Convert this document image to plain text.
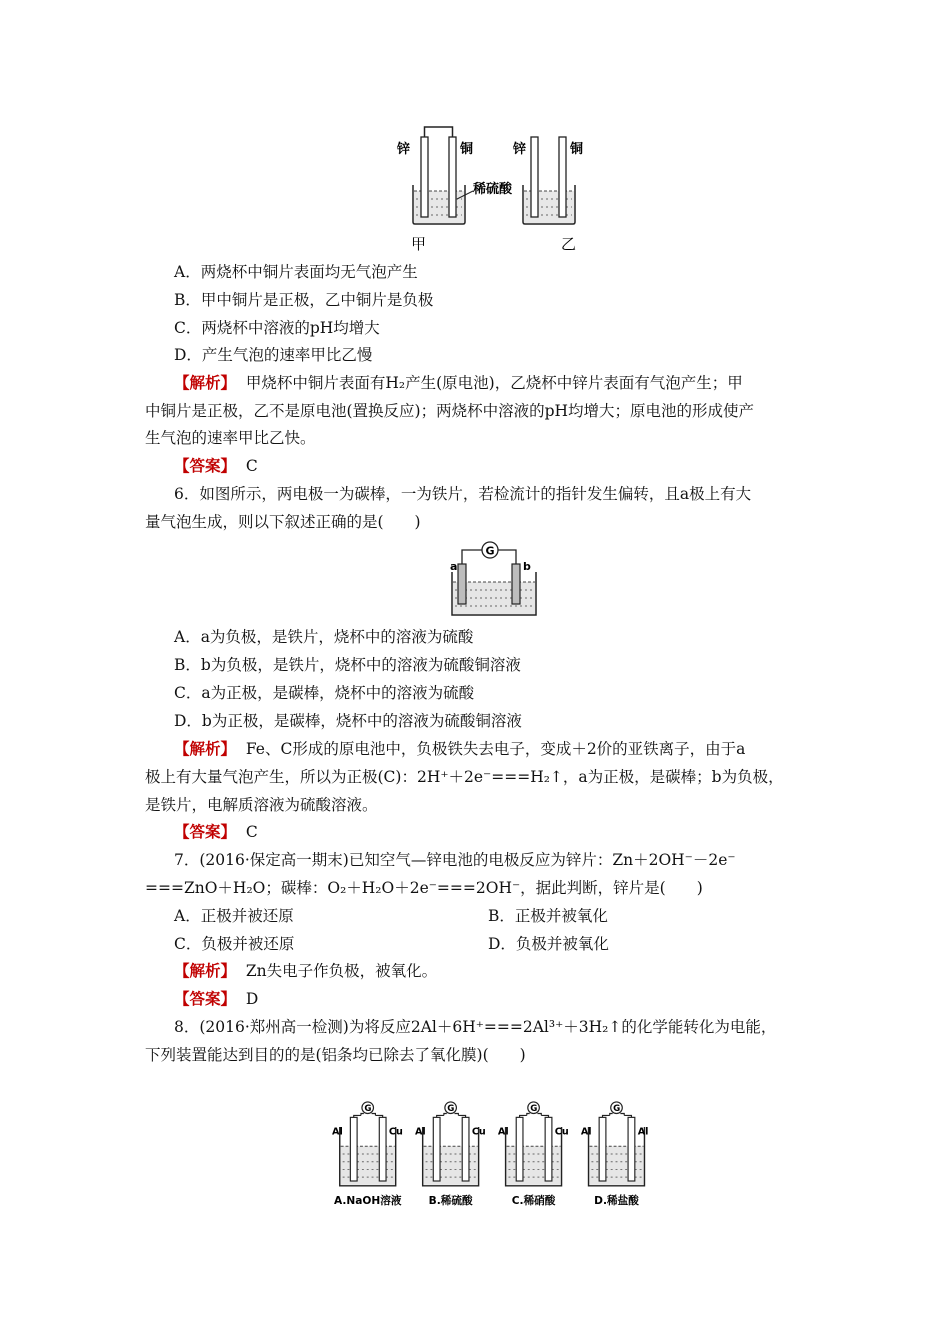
锌	铜	锌	铜
稀硫酸
甲	乙
A．两烧杯中铜片表面均无气泡产生
B．甲中铜片是正极，乙中铜片是负极
C．两烧杯中溶液的pH均增大
D．产生气泡的速率甲比乙慢
【解析】 甲烧杯中铜片表面有H₂产生(原电池)，乙烧杯中锌片表面有气泡产生；甲
中铜片是正极，乙不是原电池(置换反应)；两烧杯中溶液的pH均增大；原电池的形成使产
生气泡的速率甲比乙快。
【答案】 C
6．如图所示，两电极一为碳棒，一为铁片，若检流计的指针发生偏转，且a极上有大
量气泡生成，则以下叙述正确的是(　　)
G
a	b
A．a为负极，是铁片，烧杯中的溶液为硫酸
B．b为负极，是铁片，烧杯中的溶液为硫酸铜溶液
C．a为正极，是碳棒，烧杯中的溶液为硫酸
D．b为正极，是碳棒，烧杯中的溶液为硫酸铜溶液
【解析】 Fe、C形成的原电池中，负极铁失去电子，变成＋2价的亚铁离子，由于a
极上有大量气泡产生，所以为正极(C)：2H⁺＋2e⁻===H₂↑，a为正极，是碳棒；b为负极，
是铁片，电解质溶液为硫酸溶液。
【答案】 C
7．(2016·保定高一期末)已知空气—锌电池的电极反应为锌片：Zn＋2OH⁻－2e⁻
===ZnO＋H₂O；碳棒：O₂＋H₂O＋2e⁻===2OH⁻，据此判断，锌片是(　　)
A．正极并被还原	B．正极并被氧化
C．负极并被还原	D．负极并被氧化
【解析】 Zn失电子作负极，被氧化。
【答案】 D
8．(2016·郑州高一检测)为将反应2Al＋6H⁺===2Al³⁺＋3H₂↑的化学能转化为电能，
下列装置能达到目的的是(铝条均已除去了氧化膜)(　　)
G
Al	Cu
A.NaOH溶液
G
Al	Cu
B.稀硫酸
G
Al	Cu
C.稀硝酸
G
Al	Al
D.稀盐酸
